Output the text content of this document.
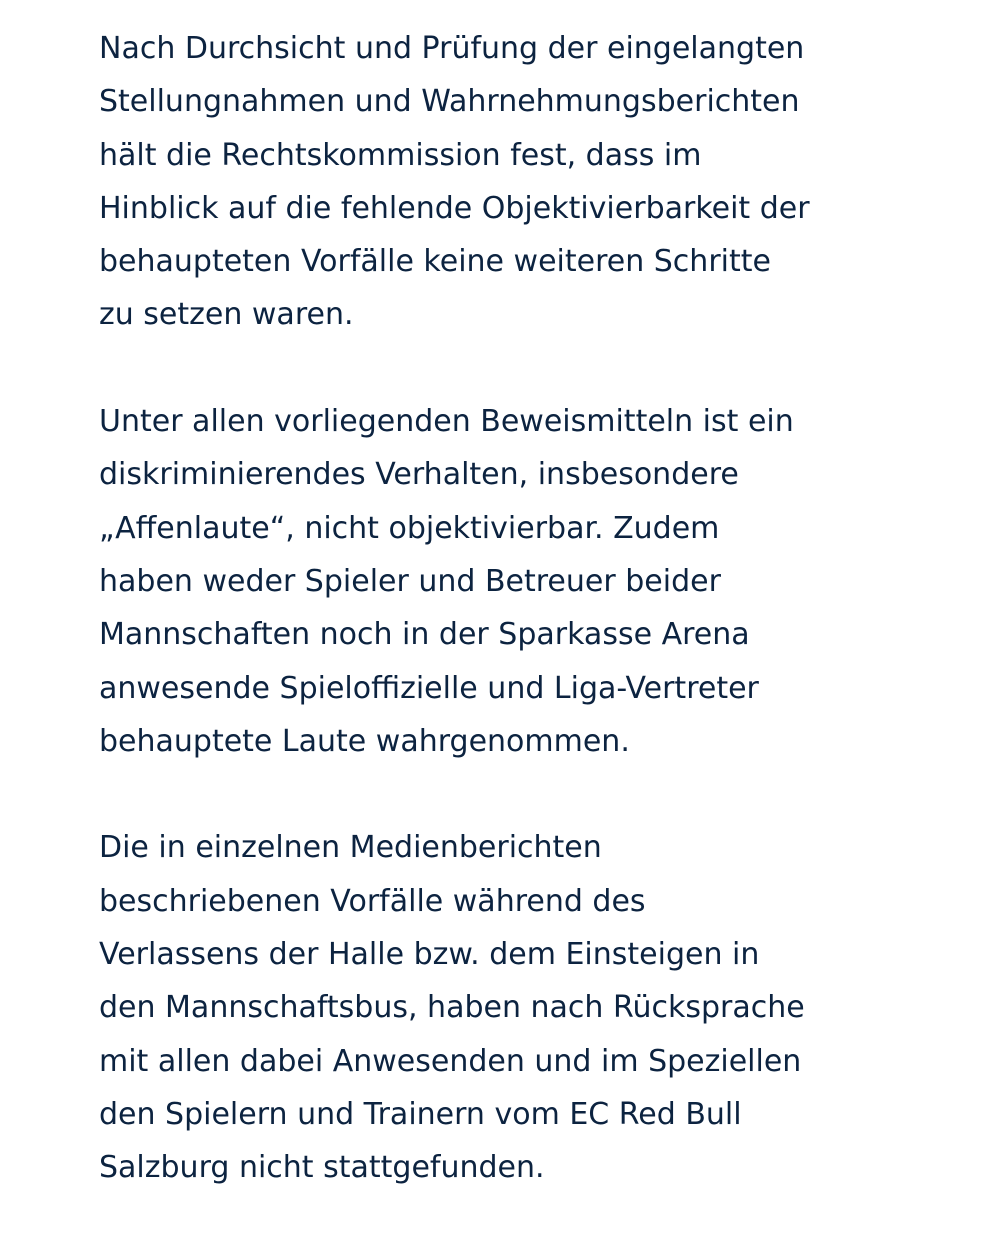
Nach Durchsicht und Prüfung der eingelangten
Stellungnahmen und Wahrnehmungsberichten
hält die Rechtskommission fest, dass im
Hinblick auf die fehlende Objektivierbarkeit der
behaupteten Vorfälle keine weiteren Schritte
zu setzen waren.

Unter allen vorliegenden Beweismitteln ist ein
diskriminierendes Verhalten, insbesondere
„Affenlaute“, nicht objektivierbar. Zudem
haben weder Spieler und Betreuer beider
Mannschaften noch in der Sparkasse Arena
anwesende Spieloffizielle und Liga-Vertreter
behauptete Laute wahrgenommen.

Die in einzelnen Medienberichten
beschriebenen Vorfälle während des
Verlassens der Halle bzw. dem Einsteigen in
den Mannschaftsbus, haben nach Rücksprache
mit allen dabei Anwesenden und im Speziellen
den Spielern und Trainern vom EC Red Bull
Salzburg nicht stattgefunden.
